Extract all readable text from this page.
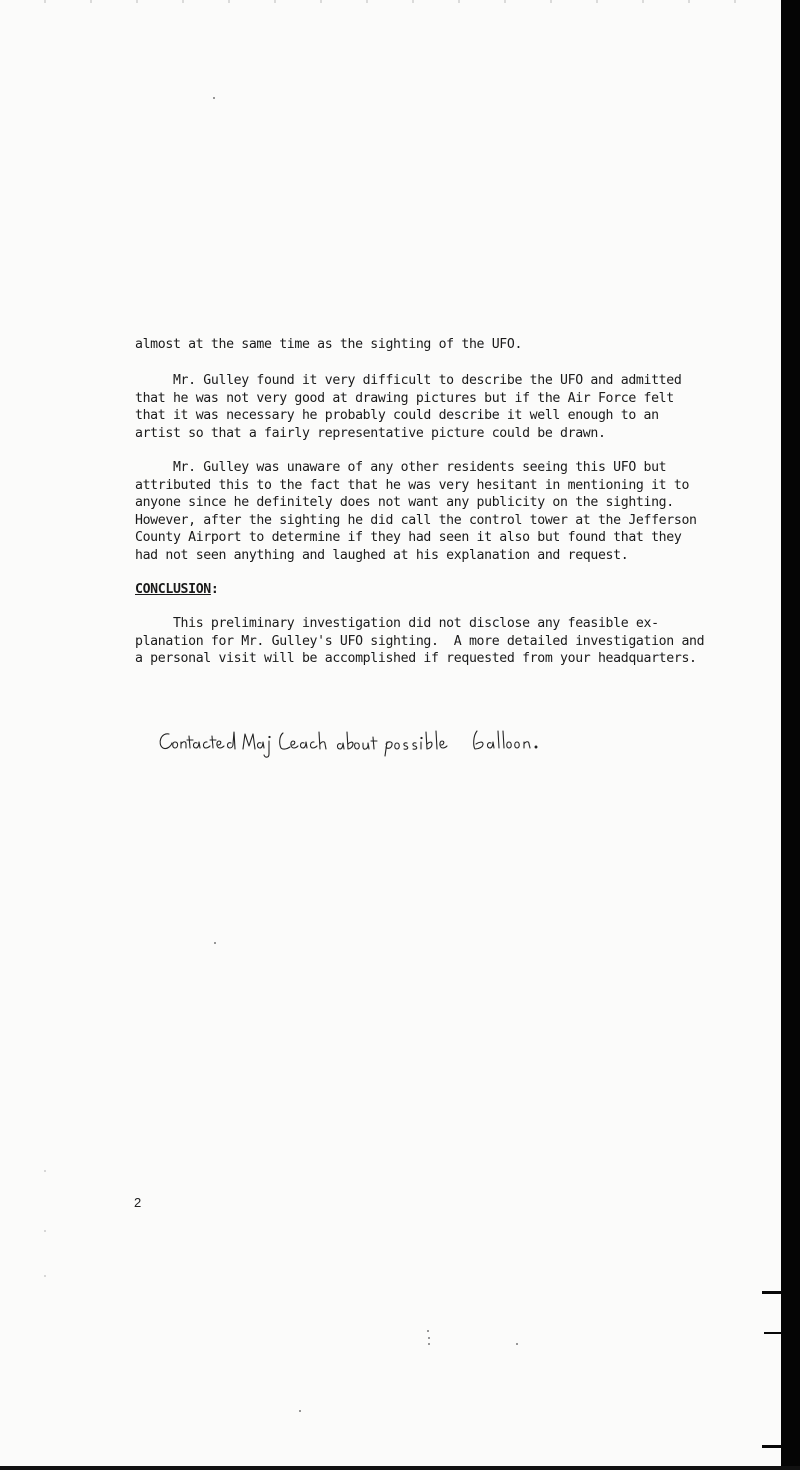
almost at the same time as the sighting of the UFO.
Mr. Gulley found it very difficult to describe the UFO and admitted
that he was not very good at drawing pictures but if the Air Force felt
that it was necessary he probably could describe it well enough to an
artist so that a fairly representative picture could be drawn.
Mr. Gulley was unaware of any other residents seeing this UFO but
attributed this to the fact that he was very hesitant in mentioning it to
anyone since he definitely does not want any publicity on the sighting.
However, after the sighting he did call the control tower at the Jefferson
County Airport to determine if they had seen it also but found that they
had not seen anything and laughed at his explanation and request.
CONCLUSION:
This preliminary investigation did not disclose any feasible ex-
planation for Mr. Gulley's UFO sighting.  A more detailed investigation and
a personal visit will be accomplished if requested from your headquarters.
2
